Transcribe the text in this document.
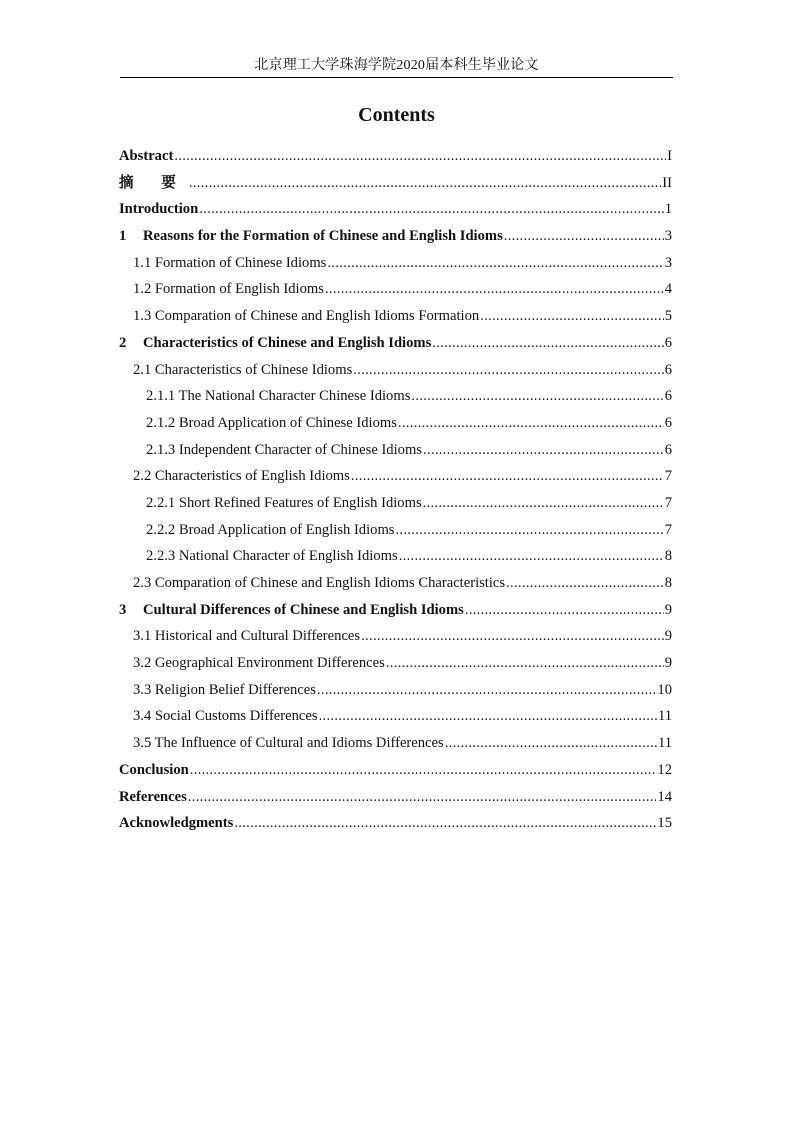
北京理工大学珠海学院2020届本科生毕业论文
Contents
Abstract .....	I
摘 要 .....	II
Introduction .....	1
1	Reasons for the Formation of Chinese and English Idioms .....	3
1.1 Formation of Chinese Idioms .....	3
1.2 Formation of English Idioms .....	4
1.3 Comparation of Chinese and English Idioms Formation .....	5
2	Characteristics of Chinese and English Idioms .....	6
2.1 Characteristics of Chinese Idioms .....	6
2.1.1 The National Character Chinese Idioms .....	6
2.1.2 Broad Application of Chinese Idioms .....	6
2.1.3 Independent Character of Chinese Idioms .....	6
2.2 Characteristics of English Idioms .....	7
2.2.1 Short Refined Features of English Idioms .....	7
2.2.2 Broad Application of English Idioms .....	7
2.2.3 National Character of English Idioms .....	8
2.3 Comparation of Chinese and English Idioms Characteristics .....	8
3	Cultural Differences of Chinese and English Idioms .....	9
3.1 Historical and Cultural Differences .....	9
3.2 Geographical Environment Differences .....	9
3.3 Religion Belief Differences .....	10
3.4 Social Customs Differences .....	11
3.5 The Influence of Cultural and Idioms Differences .....	11
Conclusion .....	12
References .....	14
Acknowledgments .....	15
